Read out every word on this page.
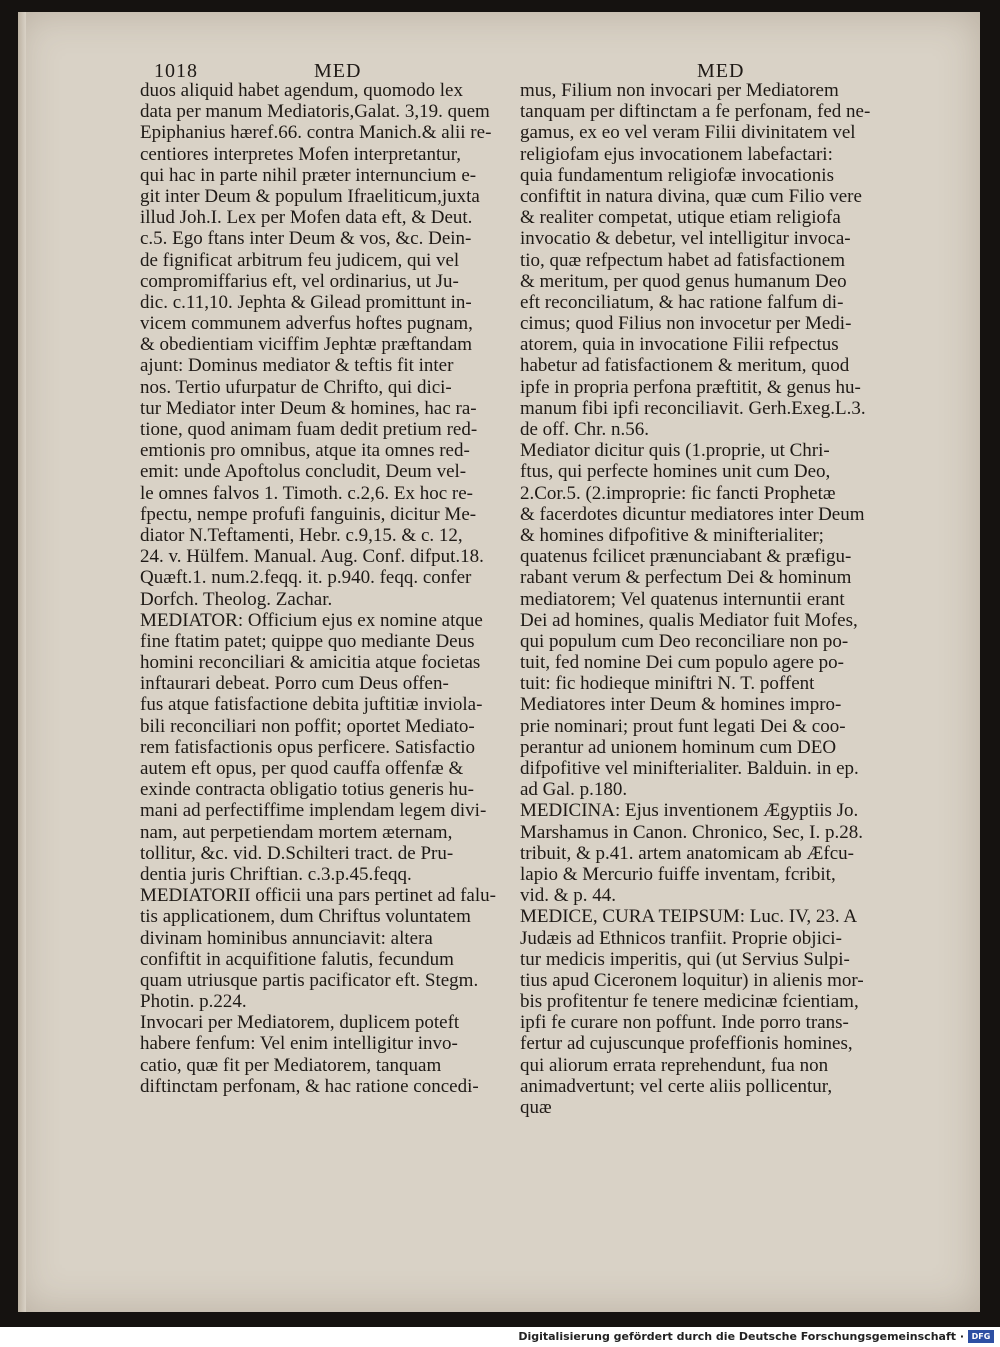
1018	MED	MED
duos aliquid habet agendum, quomodo lex
data per manum Mediatoris,Galat. 3,19. quem
Epiphanius hæref.66. contra Manich.& alii re-
centiores interpretes Mofen interpretantur,
qui hac in parte nihil præter internuncium e-
git inter Deum & populum Ifraeliticum,juxta
illud Joh.I. Lex per Mofen data eft, & Deut.
c.5. Ego ftans inter Deum & vos, &c. Dein-
de fignificat arbitrum feu judicem, qui vel
compromiffarius eft, vel ordinarius, ut Ju-
dic. c.11,10. Jephta & Gilead promittunt in-
vicem communem adverfus hoftes pugnam,
& obedientiam viciffim Jephtæ præftandam
ajunt: Dominus mediator & teftis fit inter
nos. Tertio ufurpatur de Chrifto, qui dici-
tur Mediator inter Deum & homines, hac ra-
tione, quod animam fuam dedit pretium red-
emtionis pro omnibus, atque ita omnes red-
emit: unde Apoftolus concludit, Deum vel-
le omnes falvos 1. Timoth. c.2,6. Ex hoc re-
fpectu, nempe profufi fanguinis, dicitur Me-
diator N.Teftamenti, Hebr. c.9,15. & c. 12,
24. v. Hülfem. Manual. Aug. Conf. difput.18.
Quæft.1. num.2.feqq. it. p.940. feqq. confer
Dorfch. Theolog. Zachar.
MEDIATOR: Officium ejus ex nomine atque
fine ftatim patet; quippe quo mediante Deus
homini reconciliari & amicitia atque focietas
inftaurari debeat. Porro cum Deus offen-
fus atque fatisfactione debita juftitiæ inviola-
bili reconciliari non poffit; oportet Mediato-
rem fatisfactionis opus perficere. Satisfactio
autem eft opus, per quod cauffa offenfæ &
exinde contracta obligatio totius generis hu-
mani ad perfectiffime implendam legem divi-
nam, aut perpetiendam mortem æternam,
tollitur, &c. vid. D.Schilteri tract. de Pru-
dentia juris Chriftian. c.3.p.45.feqq.
MEDIATORII officii una pars pertinet ad falu-
tis applicationem, dum Chriftus voluntatem
divinam hominibus annunciavit: altera
confiftit in acquifitione falutis, fecundum
quam utriusque partis pacificator eft. Stegm.
Photin. p.224.
Invocari per Mediatorem, duplicem poteft
habere fenfum: Vel enim intelligitur invo-
catio, quæ fit per Mediatorem, tanquam
diftinctam perfonam, & hac ratione concedi-
mus, Filium non invocari per Mediatorem
tanquam per diftinctam a fe perfonam, fed ne-
gamus, ex eo vel veram Filii divinitatem vel
religiofam ejus invocationem labefactari:
quia fundamentum religiofæ invocationis
confiftit in natura divina, quæ cum Filio vere
& realiter competat, utique etiam religiofa
invocatio & debetur, vel intelligitur invoca-
tio, quæ refpectum habet ad fatisfactionem
& meritum, per quod genus humanum Deo
eft reconciliatum, & hac ratione falfum di-
cimus; quod Filius non invocetur per Medi-
atorem, quia in invocatione Filii refpectus
habetur ad fatisfactionem & meritum, quod
ipfe in propria perfona præftitit, & genus hu-
manum fibi ipfi reconciliavit. Gerh.Exeg.L.3.
de off. Chr. n.56.
Mediator dicitur quis (1.proprie, ut Chri-
ftus, qui perfecte homines unit cum Deo,
2.Cor.5. (2.improprie: fic fancti Prophetæ
& facerdotes dicuntur mediatores inter Deum
& homines difpofitive & minifterialiter;
quatenus fcilicet prænunciabant & præfigu-
rabant verum & perfectum Dei & hominum
mediatorem; Vel quatenus internuntii erant
Dei ad homines, qualis Mediator fuit Mofes,
qui populum cum Deo reconciliare non po-
tuit, fed nomine Dei cum populo agere po-
tuit: fic hodieque miniftri N. T. poffent
Mediatores inter Deum & homines impro-
prie nominari; prout funt legati Dei & coo-
perantur ad unionem hominum cum DEO
difpofitive vel minifterialiter. Balduin. in ep.
ad Gal. p.180.
MEDICINA: Ejus inventionem Ægyptiis Jo.
Marshamus in Canon. Chronico, Sec, I. p.28.
tribuit, & p.41. artem anatomicam ab Æfcu-
lapio & Mercurio fuiffe inventam, fcribit,
vid. & p. 44.
MEDICE, CURA TEIPSUM: Luc. IV, 23. A
Judæis ad Ethnicos tranfiit. Proprie objici-
tur medicis imperitis, qui (ut Servius Sulpi-
tius apud Ciceronem loquitur) in alienis mor-
bis profitentur fe tenere medicinæ fcientiam,
ipfi fe curare non poffunt. Inde porro trans-
fertur ad cujuscunque profeffionis homines,
qui aliorum errata reprehendunt, fua non
animadvertunt; vel certe aliis pollicentur,
quæ
Digitalisierung gefördert durch die Deutsche Forschungsgemeinschaft · DFG
